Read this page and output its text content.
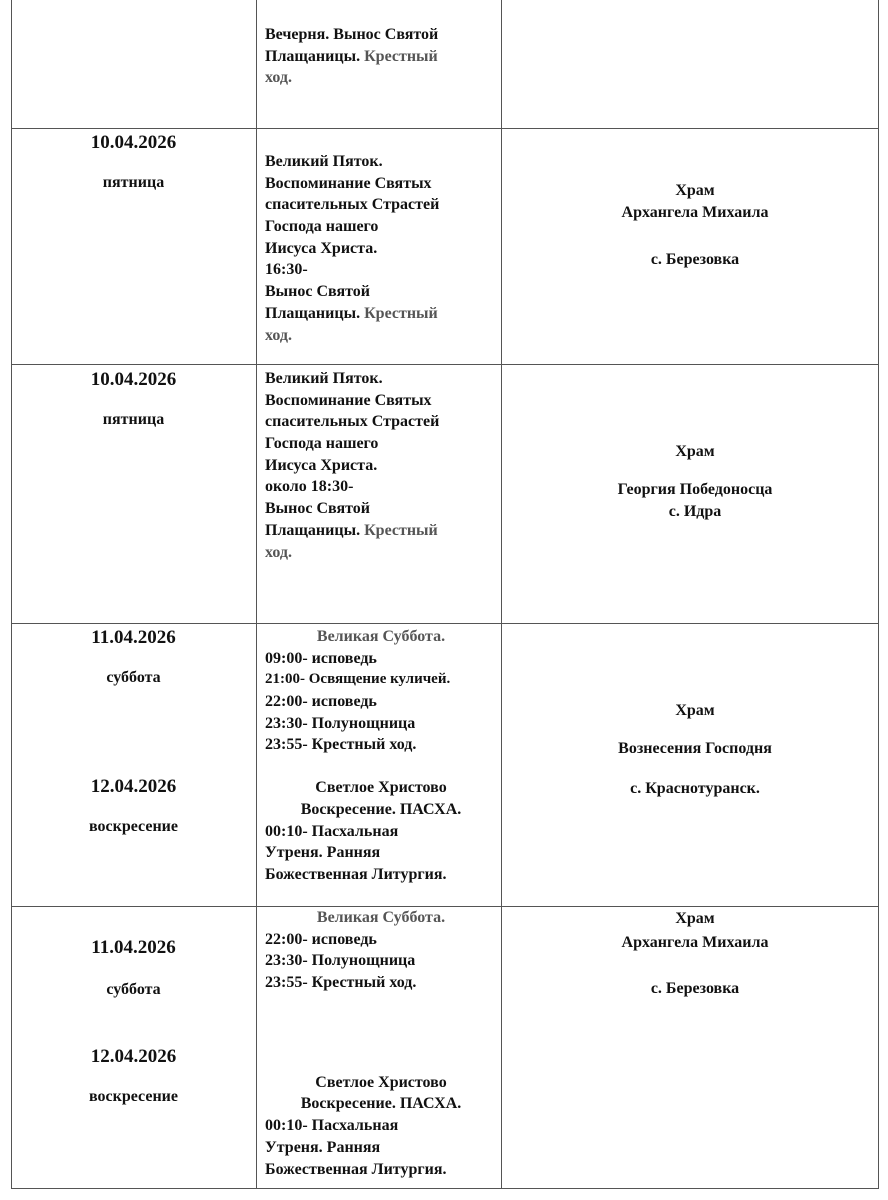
Вечерня. Вынос Святой
Плащаницы. Крестный
ход.
10.04.2026
пятница
Великий Пяток.
Воспоминание Святых
спасительных Страстей
Господа нашего
Иисуса Христа.
16:30-
Вынос Святой
Плащаницы. Крестный
ход.
Храм
Архангела Михаила
с. Березовка
10.04.2026
пятница
Великий Пяток.
Воспоминание Святых
спасительных Страстей
Господа нашего
Иисуса Христа.
около 18:30-
Вынос Святой
Плащаницы. Крестный
ход.
Храм
Георгия Победоносца
с. Идра
11.04.2026
суббота
12.04.2026
воскресение
Великая Суббота.
09:00- исповедь
21:00- Освящение куличей.
22:00- исповедь
23:30- Полунощница
23:55- Крестный ход.
Светлое Христово
Воскресение. ПАСХА.
00:10- Пасхальная
Утреня. Ранняя
Божественная Литургия.
Храм
Вознесения Господня
с. Краснотуранск.
11.04.2026
суббота
12.04.2026
воскресение
Великая Суббота.
22:00- исповедь
23:30- Полунощница
23:55- Крестный ход.
Светлое Христово
Воскресение. ПАСХА.
00:10- Пасхальная
Утреня. Ранняя
Божественная Литургия.
Храм
Архангела Михаила
с. Березовка
